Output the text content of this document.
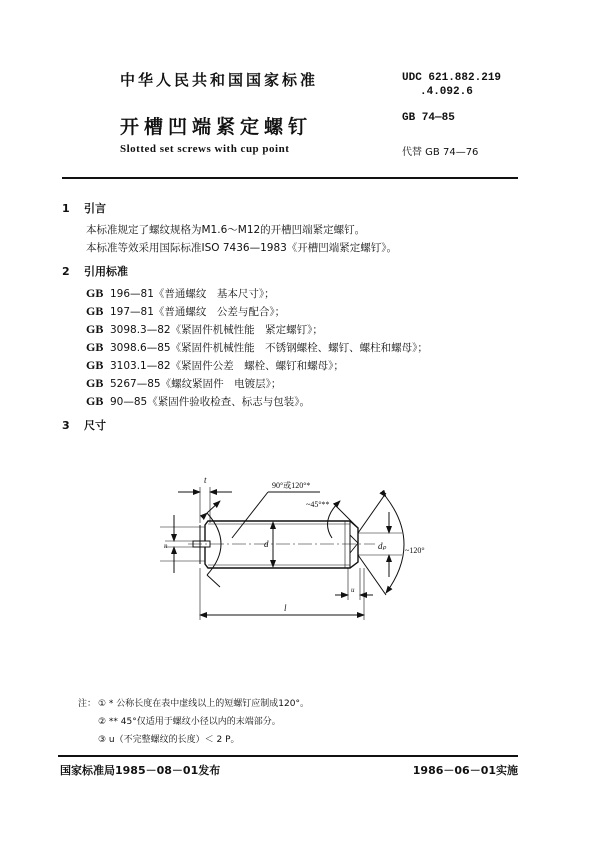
中华人民共和国国家标准
开槽凹端紧定螺钉
Slotted set screws with cup point
UDC 621.882.219
.4.092.6
GB 74—85
代替 GB 74—76
1 引言
本标准规定了螺纹规格为M1.6～M12的开槽凹端紧定螺钉。
本标准等效采用国际标准ISO 7436—1983《开槽凹端紧定螺钉》。
2 引用标准
GB 196—81《普通螺纹　基本尺寸》；
GB 197—81《普通螺纹　公差与配合》；
GB 3098.3—82《紧固件机械性能　紧定螺钉》；
GB 3098.6—85《紧固件机械性能　不锈钢螺栓、螺钉、螺柱和螺母》；
GB 3103.1—82《紧固件公差　螺栓、螺钉和螺母》；
GB 5267—85《螺纹紧固件　电镀层》；
GB 90—85《紧固件验收检查、标志与包装》。
3 尺寸
t
90°或120°*
n	d
~45°**
dₚ ~120°
u
l
注： ① * 公称长度在表中虚线以上的短螺钉应制成120°。
② ** 45°仅适用于螺纹小径以内的末端部分。
③ u（不完整螺纹的长度）＜ 2 P。
国家标准局1985－08－01发布	1986－06－01实施
